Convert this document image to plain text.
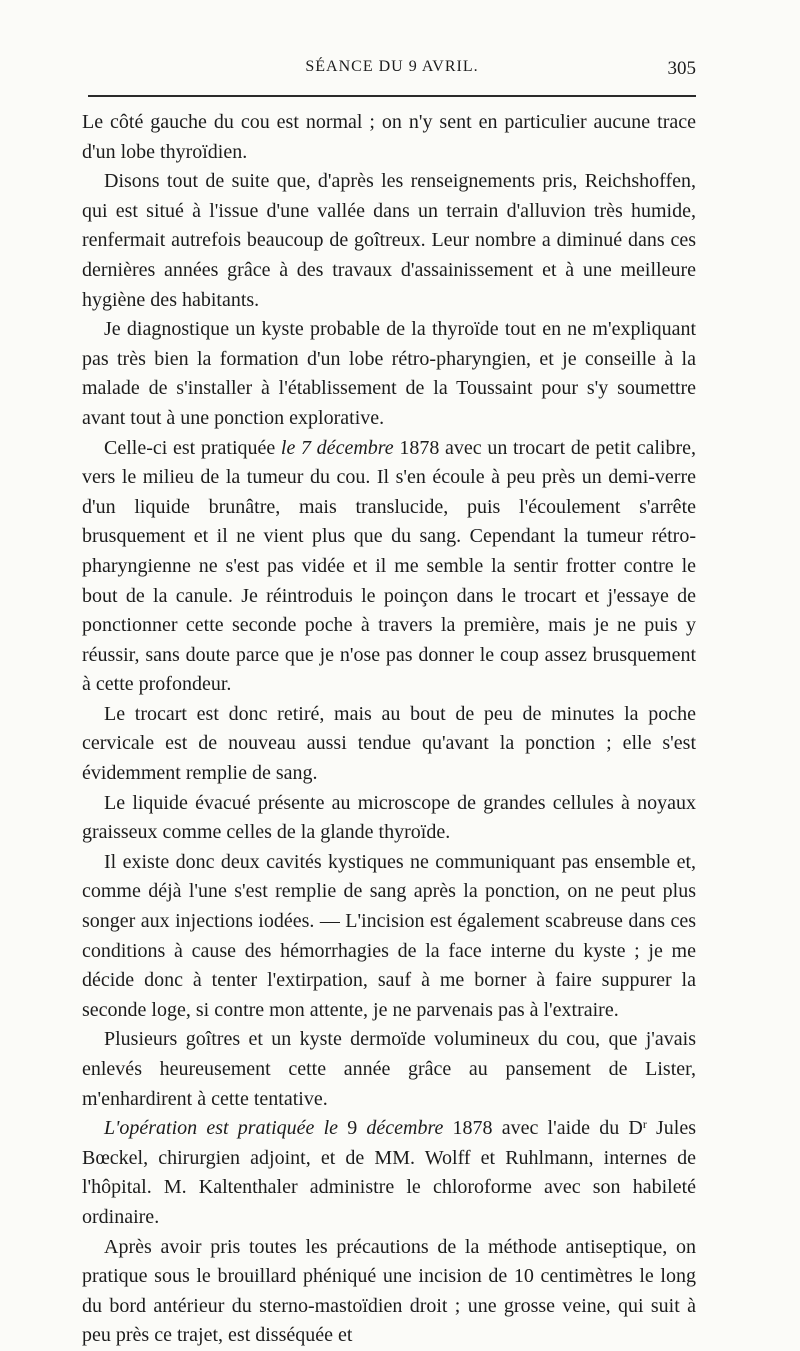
SÉANCE DU 9 AVRIL.	305

Le côté gauche du cou est normal ; on n'y sent en particulier aucune trace d'un lobe thyroïdien.

Disons tout de suite que, d'après les renseignements pris, Reichshoffen, qui est situé à l'issue d'une vallée dans un terrain d'alluvion très humide, renfermait autrefois beaucoup de goîtreux. Leur nombre a diminué dans ces dernières années grâce à des travaux d'assainissement et à une meilleure hygiène des habitants.

Je diagnostique un kyste probable de la thyroïde tout en ne m'expliquant pas très bien la formation d'un lobe rétro-pharyngien, et je conseille à la malade de s'installer à l'établissement de la Toussaint pour s'y soumettre avant tout à une ponction explorative.

Celle-ci est pratiquée le 7 décembre 1878 avec un trocart de petit calibre, vers le milieu de la tumeur du cou. Il s'en écoule à peu près un demi-verre d'un liquide brunâtre, mais translucide, puis l'écoulement s'arrête brusquement et il ne vient plus que du sang. Cependant la tumeur rétro-pharyngienne ne s'est pas vidée et il me semble la sentir frotter contre le bout de la canule. Je réintroduis le poinçon dans le trocart et j'essaye de ponctionner cette seconde poche à travers la première, mais je ne puis y réussir, sans doute parce que je n'ose pas donner le coup assez brusquement à cette profondeur.

Le trocart est donc retiré, mais au bout de peu de minutes la poche cervicale est de nouveau aussi tendue qu'avant la ponction ; elle s'est évidemment remplie de sang.

Le liquide évacué présente au microscope de grandes cellules à noyaux graisseux comme celles de la glande thyroïde.

Il existe donc deux cavités kystiques ne communiquant pas ensemble et, comme déjà l'une s'est remplie de sang après la ponction, on ne peut plus songer aux injections iodées. — L'incision est également scabreuse dans ces conditions à cause des hémorrhagies de la face interne du kyste ; je me décide donc à tenter l'extirpation, sauf à me borner à faire suppurer la seconde loge, si contre mon attente, je ne parvenais pas à l'extraire.

Plusieurs goîtres et un kyste dermoïde volumineux du cou, que j'avais enlevés heureusement cette année grâce au pansement de Lister, m'enhardirent à cette tentative.

L'opération est pratiquée le 9 décembre 1878 avec l'aide du $D^r$ Jules Bœckel, chirurgien adjoint, et de MM. Wolff et Ruhlmann, internes de l'hôpital. M. Kaltenthaler administre le chloroforme avec son habileté ordinaire.

Après avoir pris toutes les précautions de la méthode antiseptique, on pratique sous le brouillard phéniqué une incision de 10 centimètres le long du bord antérieur du sterno-mastoïdien droit ; une grosse veine, qui suit à peu près ce trajet, est disséquée et
